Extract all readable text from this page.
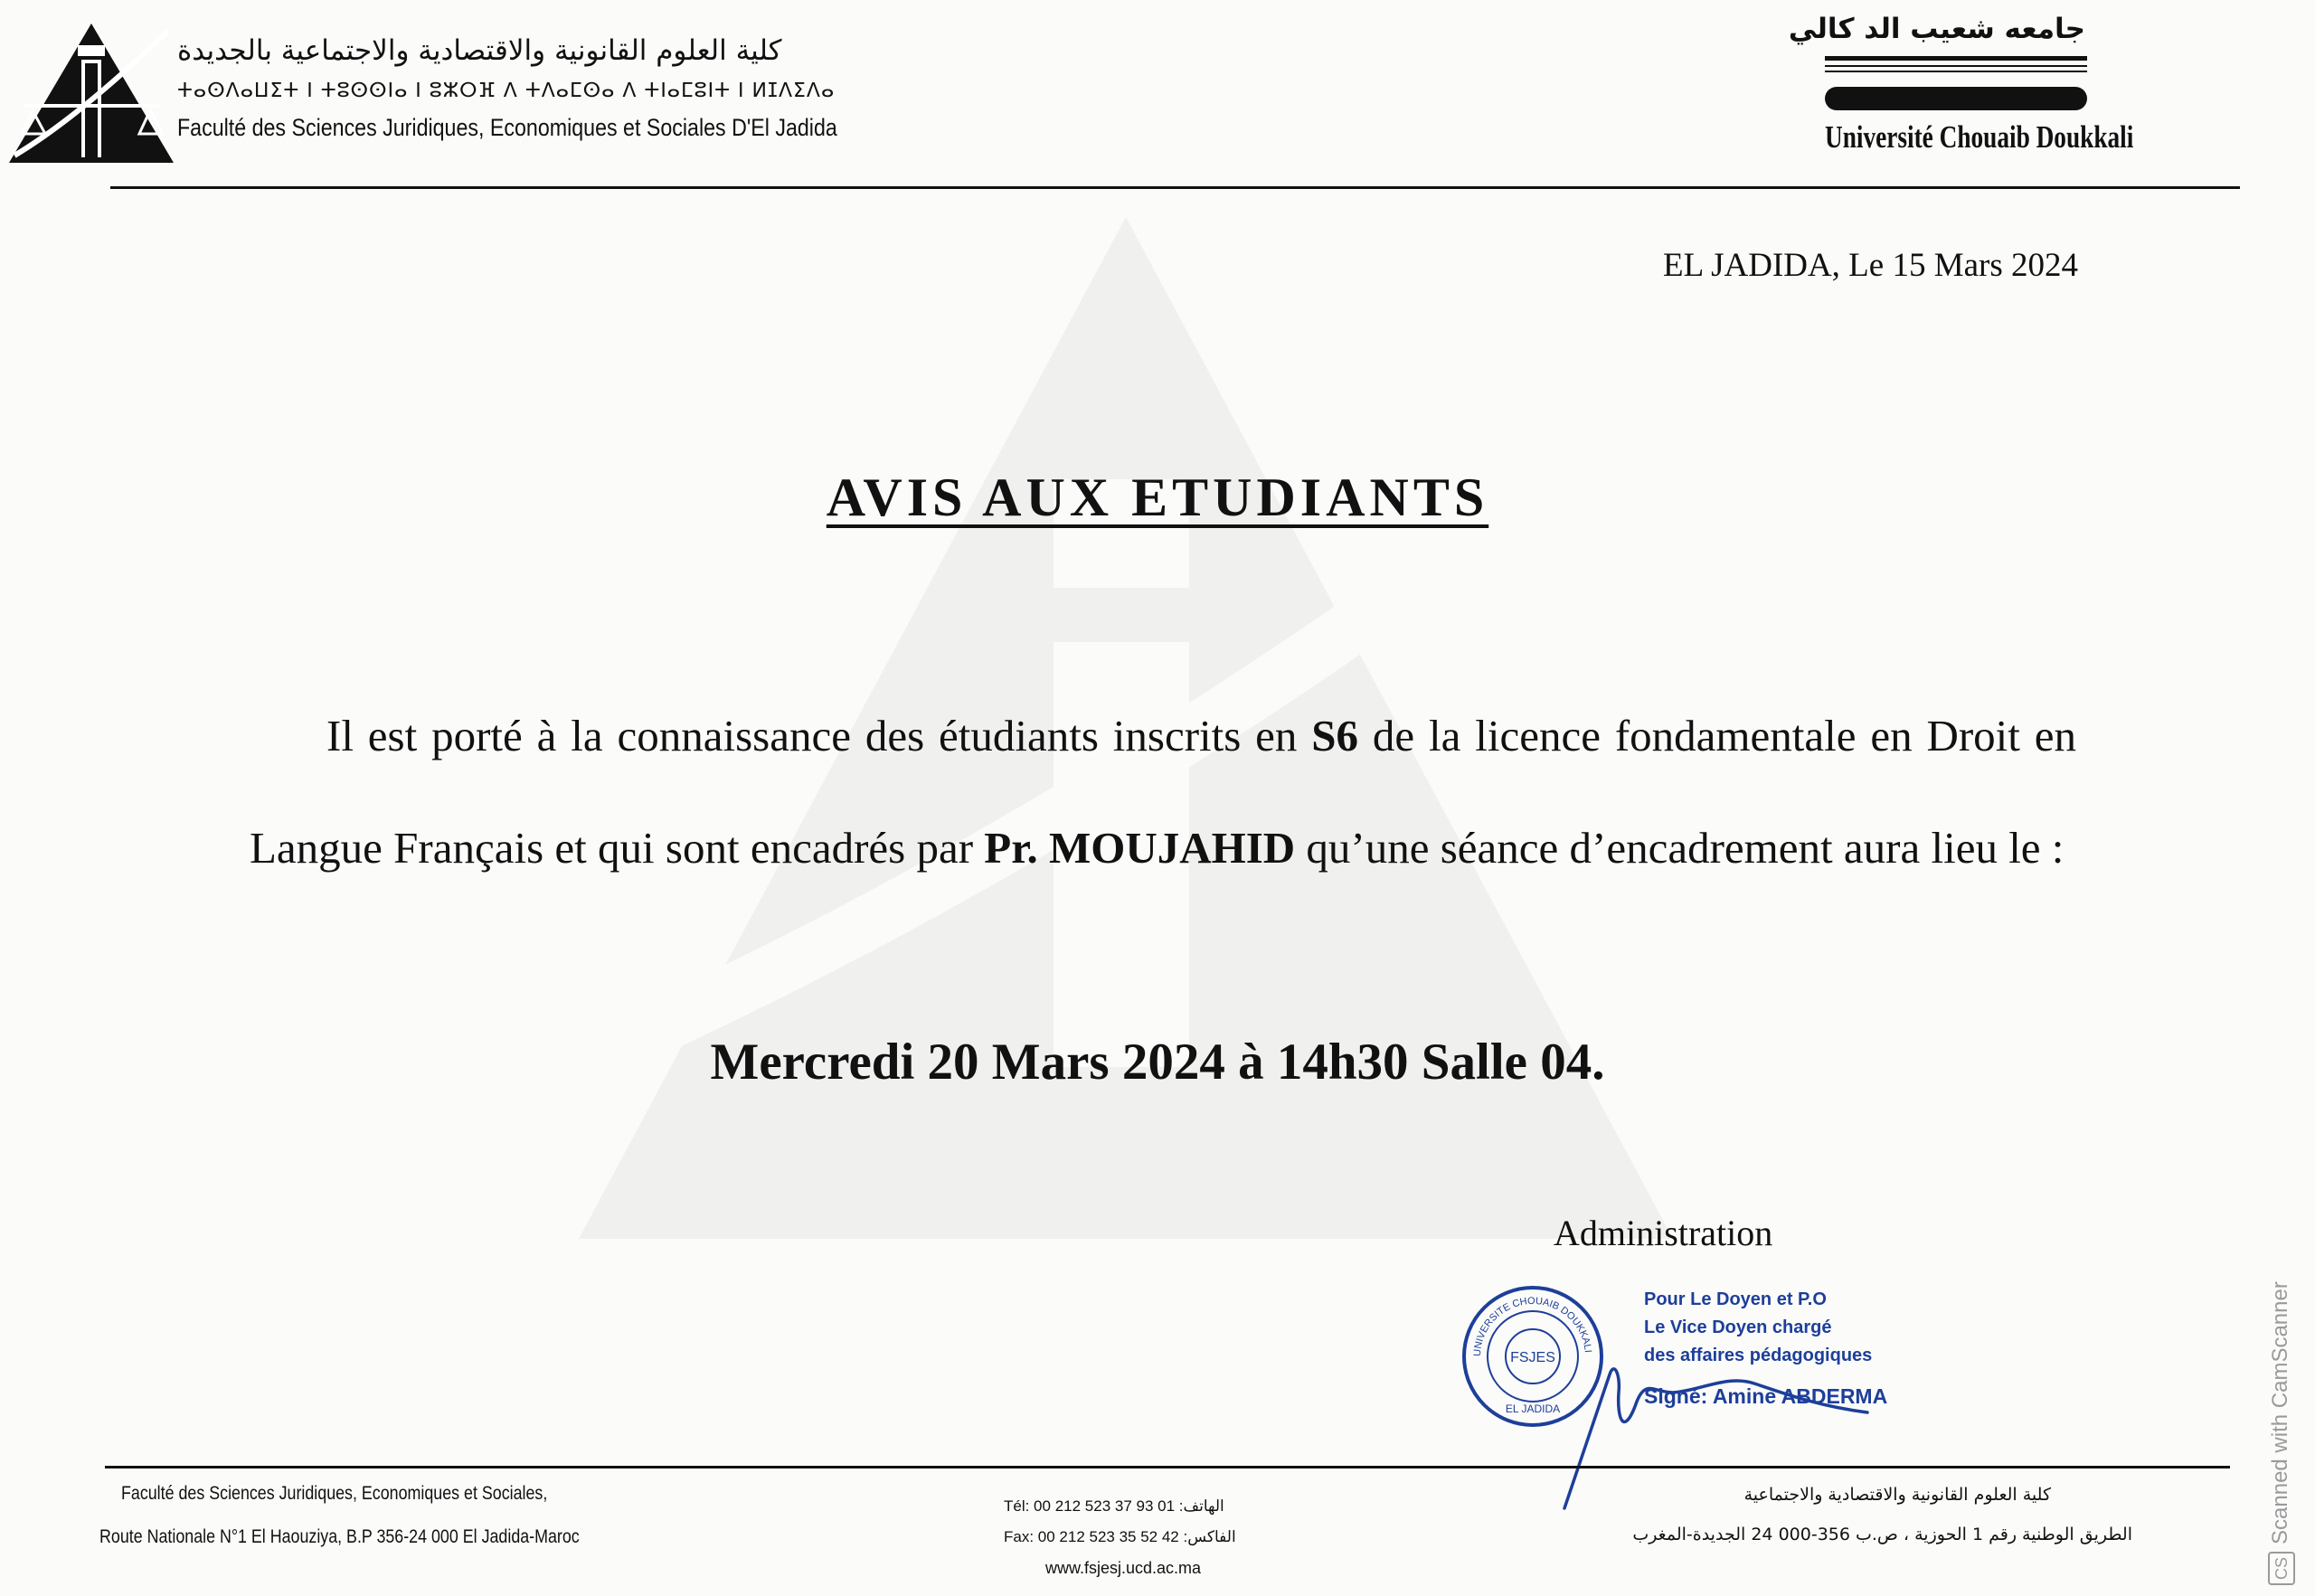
كلية العلوم القانونية والاقتصادية والاجتماعية بالجديدة
ⵜⴰⵙⴷⴰⵡⵉⵜ ⵏ ⵜⵓⵙⵙⵏⴰ ⵏ ⵓⵣⵔⴼ ⴷ ⵜⴷⴰⵎⵙⴰ ⴷ ⵜⵏⴰⵎⵓⵏⵜ ⵏ ⵍⵊⴷⵉⴷⴰ
Faculté des Sciences Juridiques, Economiques et Sociales D'El Jadida
جامعه شعيب الد كالي
Université Chouaib Doukkali
EL JADIDA, Le 15 Mars 2024
AVIS AUX ETUDIANTS
Il est porté à la connaissance des étudiants inscrits en S6 de la licence fondamentale en Droit en Langue Français et qui sont encadrés par Pr. MOUJAHID qu’une séance d’encadrement aura lieu le :
Mercredi 20 Mars 2024 à 14h30 Salle 04.
Administration
UNIVERSITE CHOUAIB DOUKKALI
FSJES
EL JADIDA
Pour Le Doyen et P.O
Le Vice Doyen chargé
des affaires pédagogiques
Signé: Amine ABDERMA
Faculté des Sciences Juridiques, Economiques et Sociales,
Route Nationale N°1 El Haouziya, B.P 356-24 000 El Jadida-Maroc
Tél: 00 212 523 37 93 01 :الهاتف
Fax: 00 212 523 35 52 42 :الفاكس
www.fsjesj.ucd.ac.ma
كلية العلوم القانونية والاقتصادية والاجتماعية
الطريق الوطنية رقم 1 الحوزية ، ص.ب 356-000 24 الجديدة-المغرب
CSScanned with CamScanner
